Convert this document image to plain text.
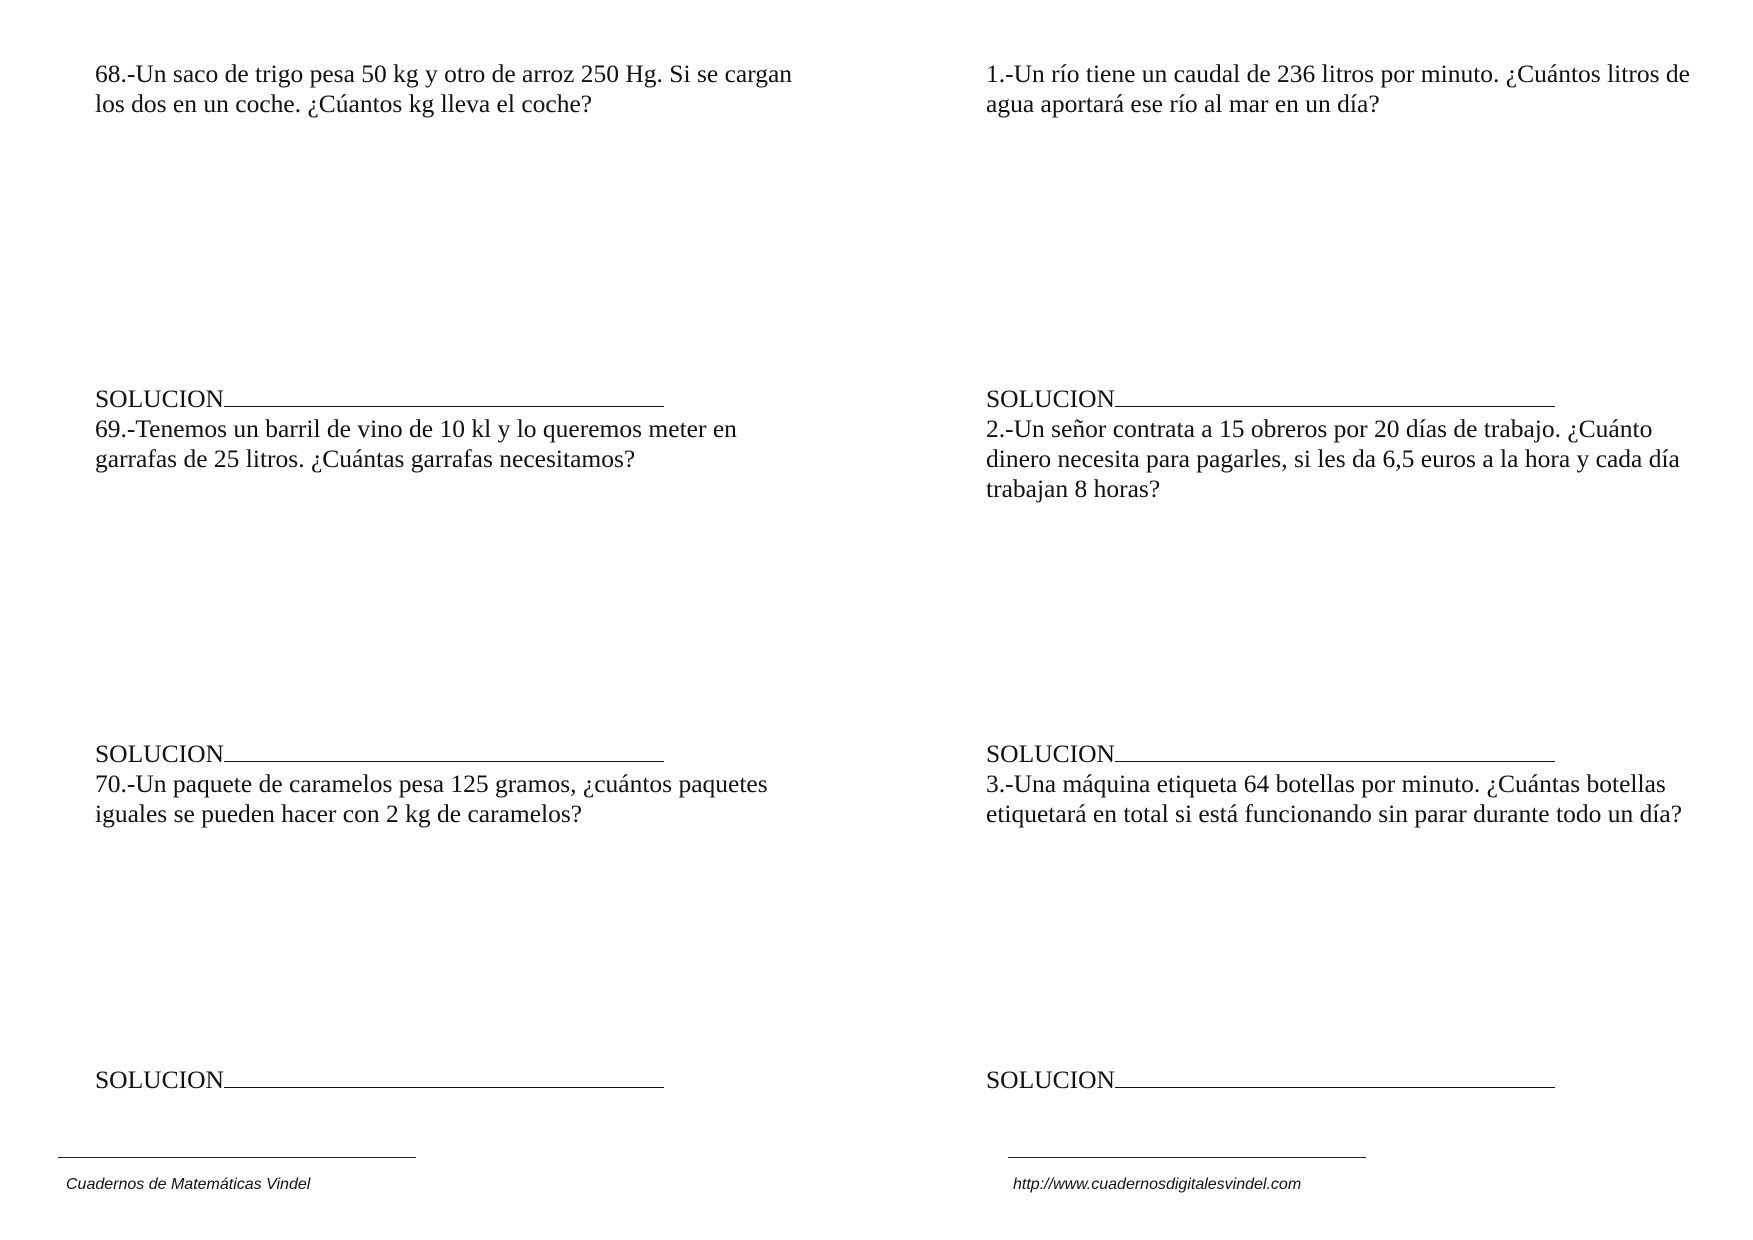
68.-Un saco de trigo pesa 50 kg y otro de arroz 250 Hg. Si se cargan los dos en un coche. ¿Cúantos kg lleva el coche?

SOLUCION

69.-Tenemos un barril de vino de 10 kl y lo queremos meter en garrafas de 25 litros. ¿Cuántas garrafas necesitamos?

SOLUCION

70.-Un paquete de caramelos pesa 125 gramos, ¿cuántos paquetes iguales se pueden hacer con 2 kg de caramelos?

SOLUCION

1.-Un río tiene un caudal de 236 litros por minuto. ¿Cuántos litros de agua aportará ese río al mar en un día?

SOLUCION

2.-Un señor contrata a 15 obreros por 20 días de trabajo. ¿Cuánto dinero necesita para pagarles, si les da 6,5 euros a la hora y cada día trabajan 8 horas?

SOLUCION

3.-Una máquina etiqueta 64 botellas por minuto. ¿Cuántas botellas etiquetará en total si está funcionando sin parar durante todo un día?

SOLUCION
Cuadernos de Matemáticas Vindel	http://www.cuadernosdigitalesvindel.com
